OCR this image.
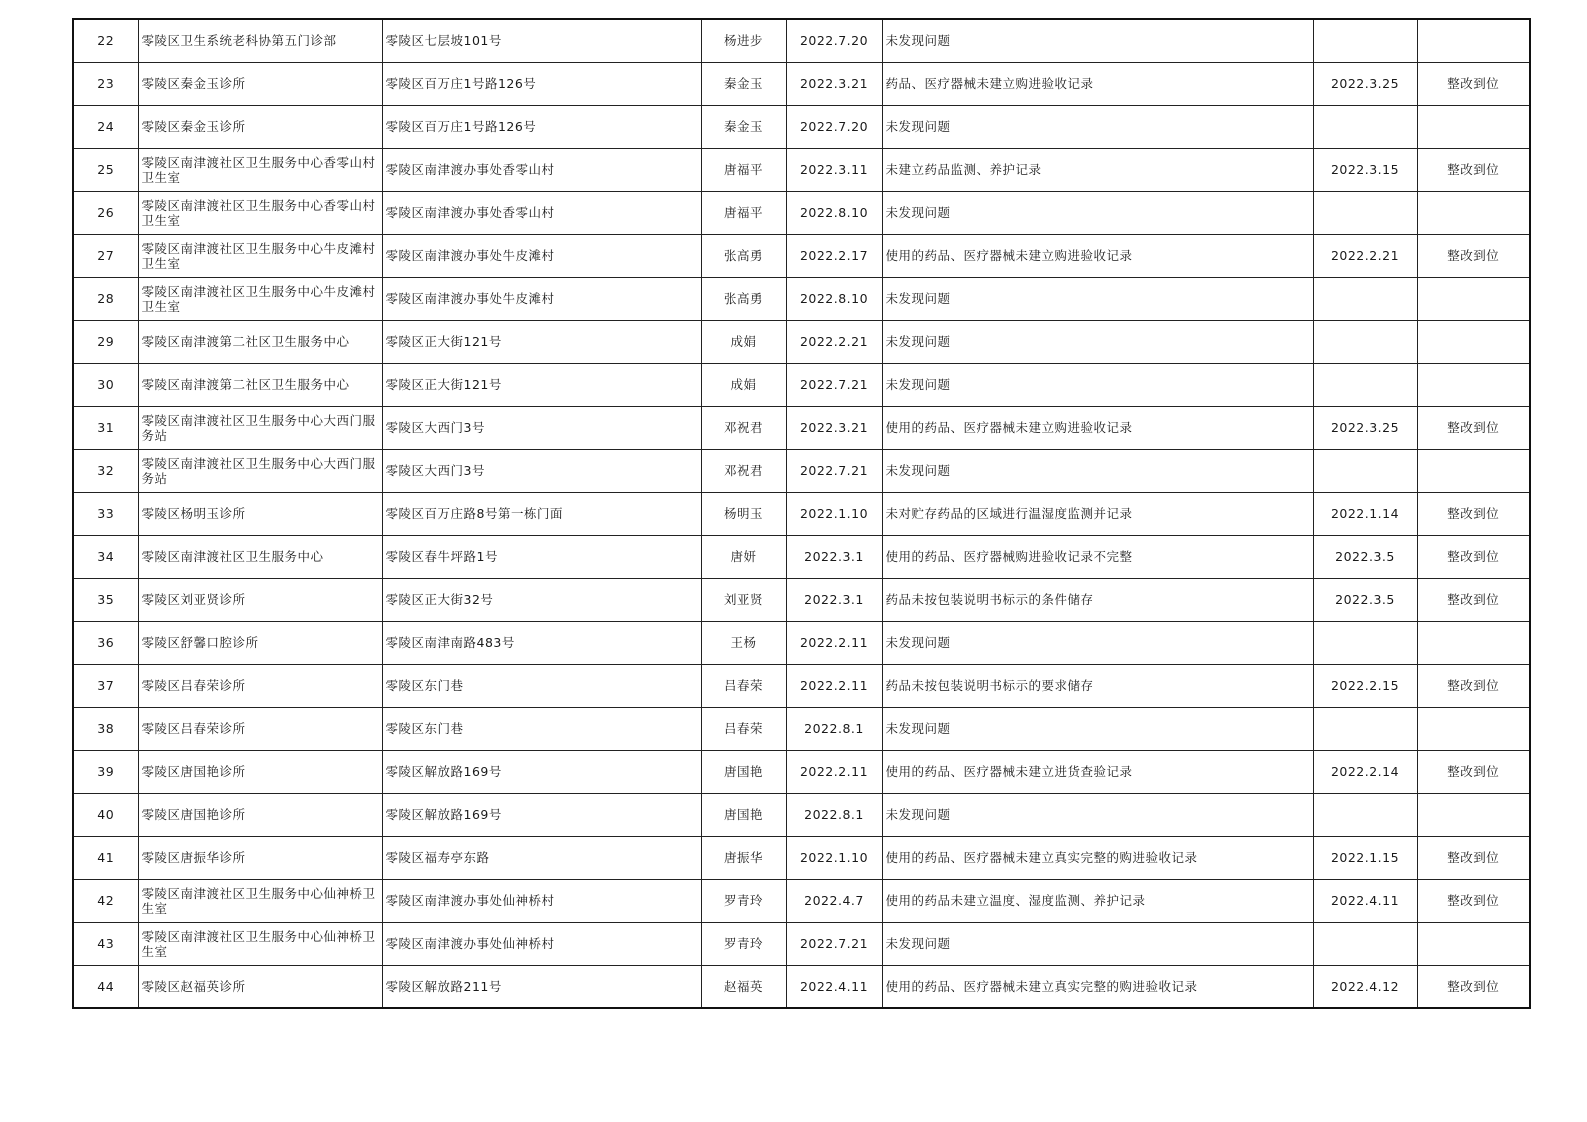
22	零陵区卫生系统老科协第五门诊部	零陵区七层坡101号	杨进步	2022.7.20	未发现问题		
23	零陵区秦金玉诊所	零陵区百万庄1号路126号	秦金玉	2022.3.21	药品、医疗器械未建立购进验收记录	2022.3.25	整改到位
24	零陵区秦金玉诊所	零陵区百万庄1号路126号	秦金玉	2022.7.20	未发现问题		
25	零陵区南津渡社区卫生服务中心香零山村卫生室	零陵区南津渡办事处香零山村	唐福平	2022.3.11	未建立药品监测、养护记录	2022.3.15	整改到位
26	零陵区南津渡社区卫生服务中心香零山村卫生室	零陵区南津渡办事处香零山村	唐福平	2022.8.10	未发现问题		
27	零陵区南津渡社区卫生服务中心牛皮滩村卫生室	零陵区南津渡办事处牛皮滩村	张高勇	2022.2.17	使用的药品、医疗器械未建立购进验收记录	2022.2.21	整改到位
28	零陵区南津渡社区卫生服务中心牛皮滩村卫生室	零陵区南津渡办事处牛皮滩村	张高勇	2022.8.10	未发现问题		
29	零陵区南津渡第二社区卫生服务中心	零陵区正大街121号	成娟	2022.2.21	未发现问题		
30	零陵区南津渡第二社区卫生服务中心	零陵区正大街121号	成娟	2022.7.21	未发现问题		
31	零陵区南津渡社区卫生服务中心大西门服务站	零陵区大西门3号	邓祝君	2022.3.21	使用的药品、医疗器械未建立购进验收记录	2022.3.25	整改到位
32	零陵区南津渡社区卫生服务中心大西门服务站	零陵区大西门3号	邓祝君	2022.7.21	未发现问题		
33	零陵区杨明玉诊所	零陵区百万庄路8号第一栋门面	杨明玉	2022.1.10	未对贮存药品的区域进行温湿度监测并记录	2022.1.14	整改到位
34	零陵区南津渡社区卫生服务中心	零陵区春牛坪路1号	唐妍	2022.3.1	使用的药品、医疗器械购进验收记录不完整	2022.3.5	整改到位
35	零陵区刘亚贤诊所	零陵区正大街32号	刘亚贤	2022.3.1	药品未按包装说明书标示的条件储存	2022.3.5	整改到位
36	零陵区舒馨口腔诊所	零陵区南津南路483号	王杨	2022.2.11	未发现问题		
37	零陵区吕春荣诊所	零陵区东门巷	吕春荣	2022.2.11	药品未按包装说明书标示的要求储存	2022.2.15	整改到位
38	零陵区吕春荣诊所	零陵区东门巷	吕春荣	2022.8.1	未发现问题		
39	零陵区唐国艳诊所	零陵区解放路169号	唐国艳	2022.2.11	使用的药品、医疗器械未建立进货查验记录	2022.2.14	整改到位
40	零陵区唐国艳诊所	零陵区解放路169号	唐国艳	2022.8.1	未发现问题		
41	零陵区唐振华诊所	零陵区福寿亭东路	唐振华	2022.1.10	使用的药品、医疗器械未建立真实完整的购进验收记录	2022.1.15	整改到位
42	零陵区南津渡社区卫生服务中心仙神桥卫生室	零陵区南津渡办事处仙神桥村	罗青玲	2022.4.7	使用的药品未建立温度、湿度监测、养护记录	2022.4.11	整改到位
43	零陵区南津渡社区卫生服务中心仙神桥卫生室	零陵区南津渡办事处仙神桥村	罗青玲	2022.7.21	未发现问题		
44	零陵区赵福英诊所	零陵区解放路211号	赵福英	2022.4.11	使用的药品、医疗器械未建立真实完整的购进验收记录	2022.4.12	整改到位
